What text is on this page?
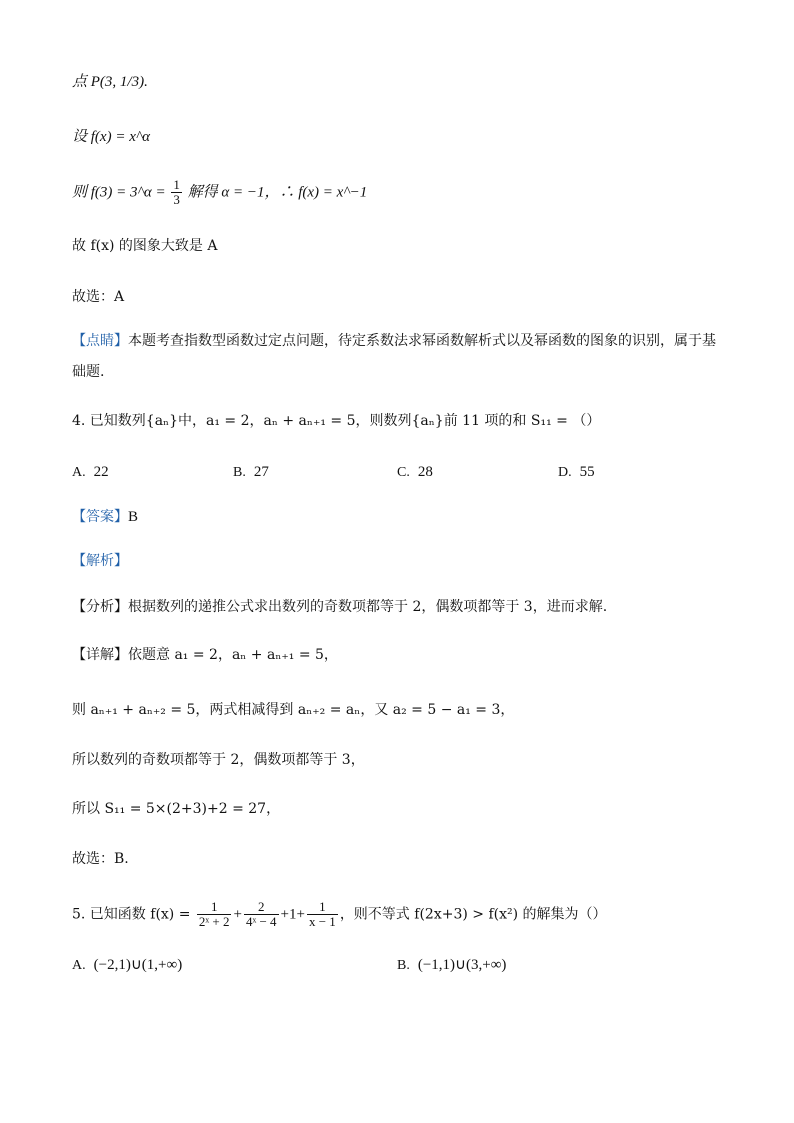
点 P(3, 1/3).
设 f(x) = x^α
则 f(3) = 3^α = $\frac{1}{3}$ 解得 α = −1，∴ f(x) = x^−1
故 f(x) 的图象大致是 A
故选：A
【点睛】本题考查指数型函数过定点问题，待定系数法求幂函数解析式以及幂函数的图象的识别，属于基
础题.
4. 已知数列{aₙ}中，a₁ = 2，aₙ + aₙ₊₁ = 5，则数列{aₙ}前 11 项的和 S₁₁ = （）
A. 22	B. 27	C. 28	D. 55
【答案】B
【解析】
【分析】根据数列的递推公式求出数列的奇数项都等于 2，偶数项都等于 3，进而求解.
【详解】依题意 a₁ = 2，aₙ + aₙ₊₁ = 5，
则 aₙ₊₁ + aₙ₊₂ = 5，两式相减得到 aₙ₊₂ = aₙ，又 a₂ = 5 − a₁ = 3，
所以数列的奇数项都等于 2，偶数项都等于 3，
所以 S₁₁ = 5×(2+3)+2 = 27，
故选：B.
5. 已知函数 $f(x) = \frac{1}{\text{2ˣ + 2}} + \frac{2}{\text{4ˣ − 4}} +1+ \frac{1}{x - 1}$ ，则不等式 f(2x+3) > f(x²) 的解集为（）
A. (−2,1)∪(1,+∞)	B. (−1,1)∪(3,+∞)
